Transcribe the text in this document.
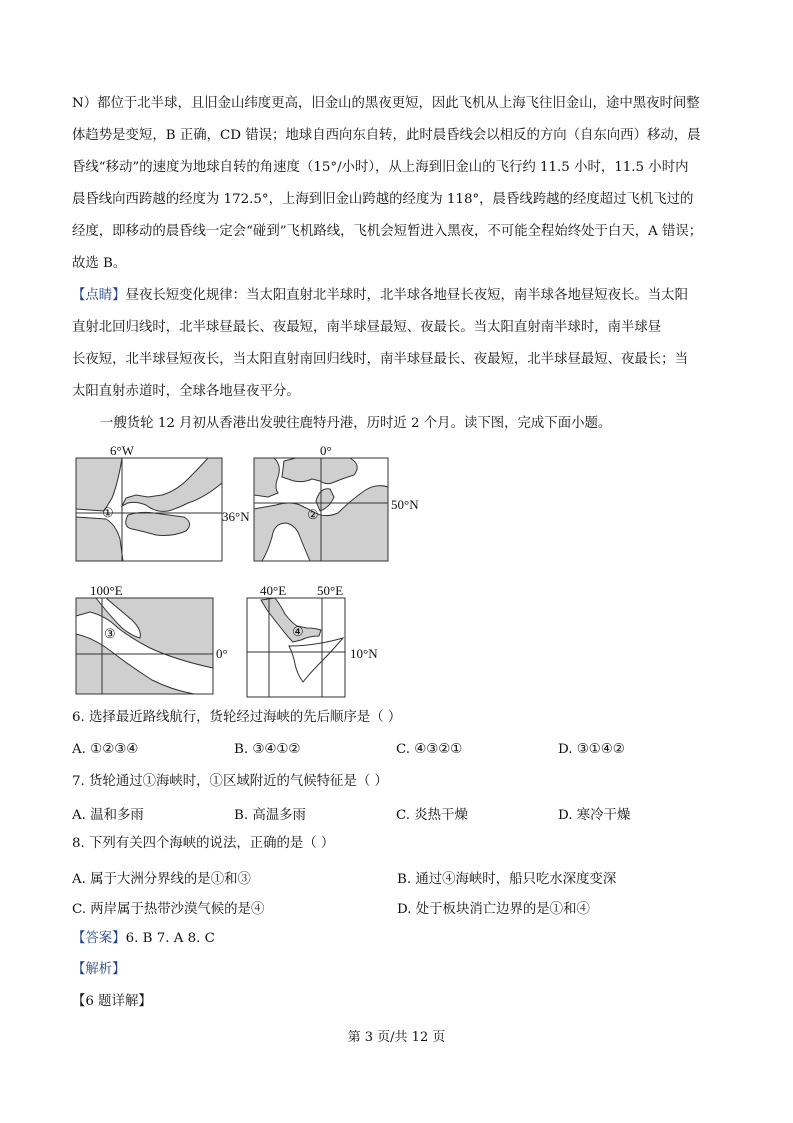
N）都位于北半球，且旧金山纬度更高，旧金山的黑夜更短，因此飞机从上海飞往旧金山，途中黑夜时间整
体趋势是变短，B 正确，CD 错误；地球自西向东自转，此时晨昏线会以相反的方向（自东向西）移动，晨
昏线“移动”的速度为地球自转的角速度（15°/小时），从上海到旧金山的飞行约 11.5 小时，11.5 小时内
晨昏线向西跨越的经度为 172.5°，上海到旧金山跨越的经度为 118°，晨昏线跨越的经度超过飞机飞过的
经度，即移动的晨昏线一定会“碰到”飞机路线，飞机会短暂进入黑夜，不可能全程始终处于白天，A 错误；
故选 B。
【点睛】昼夜长短变化规律：当太阳直射北半球时，北半球各地昼长夜短，南半球各地昼短夜长。当太阳
直射北回归线时，北半球昼最长、夜最短，南半球昼最短、夜最长。当太阳直射南半球时，南半球昼
长夜短，北半球昼短夜长，当太阳直射南回归线时，南半球昼最长、夜最短，北半球昼最短、夜最长；当
太阳直射赤道时，全球各地昼夜平分。
一艘货轮 12 月初从香港出发驶往鹿特丹港，历时近 2 个月。读下图，完成下面小题。
6°W
36°N
①
0°
50°N
②
100°E
0°
③
40°E 50°E
10°N
④
6. 选择最近路线航行，货轮经过海峡的先后顺序是（ ）
A. ①②③④	B. ③④①②	C. ④③②①	D. ③①④②
7. 货轮通过①海峡时，①区域附近的气候特征是（ ）
A. 温和多雨	B. 高温多雨	C. 炎热干燥	D. 寒冷干燥
8. 下列有关四个海峡的说法，正确的是（ ）
A. 属于大洲分界线的是①和③	B. 通过④海峡时，船只吃水深度变深
C. 两岸属于热带沙漠气候的是④	D. 处于板块消亡边界的是①和④
【答案】6. B 7. A 8. C
【解析】
【6 题详解】
第 3 页/共 12 页
